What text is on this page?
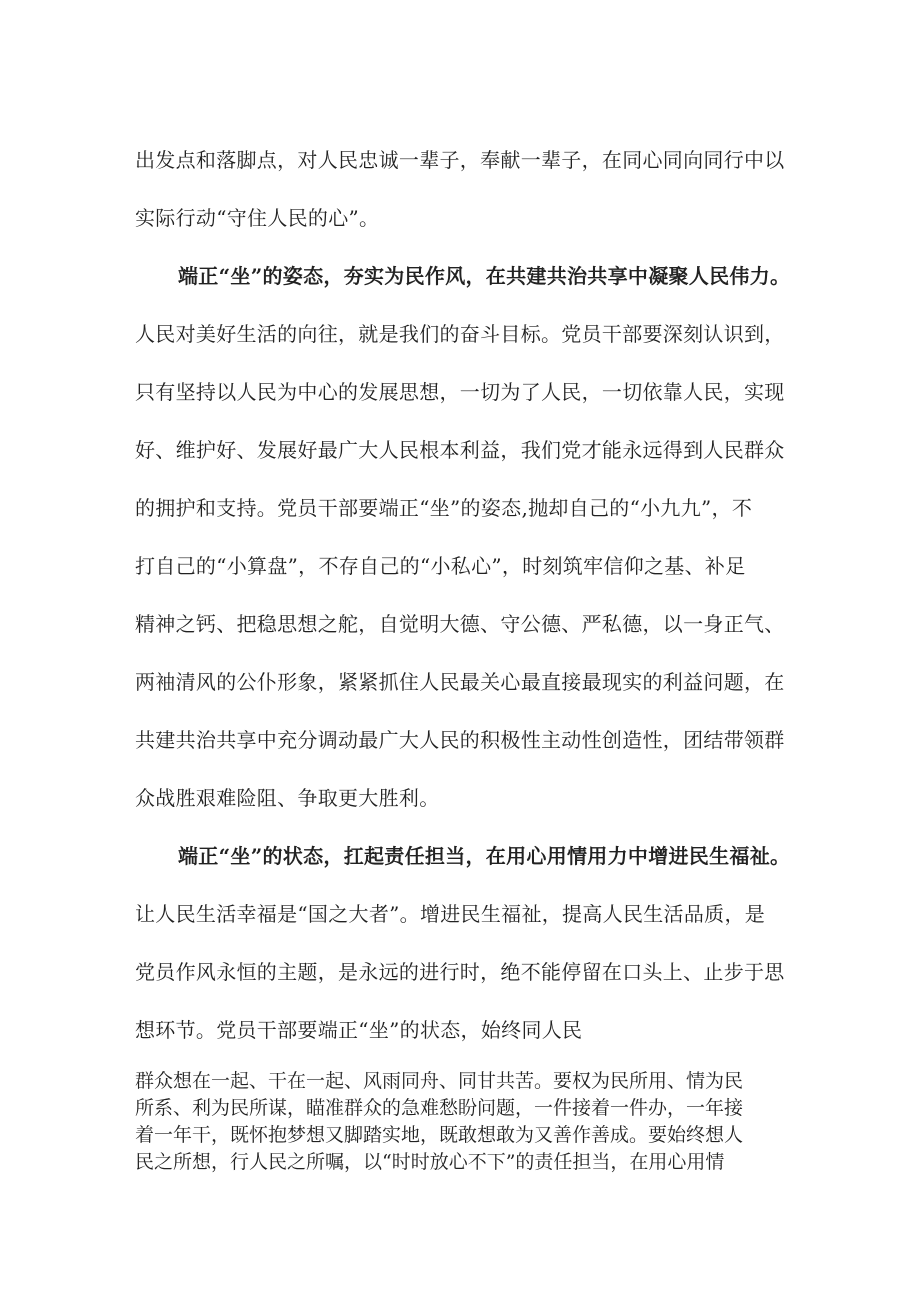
出发点和落脚点，对人民忠诚一辈子，奉献一辈子，在同心同向同行中以
实际行动“守住人民的心”。
端正“坐”的姿态，夯实为民作风，在共建共治共享中凝聚人民伟力。
人民对美好生活的向往，就是我们的奋斗目标。党员干部要深刻认识到，
只有坚持以人民为中心的发展思想，一切为了人民，一切依靠人民，实现
好、维护好、发展好最广大人民根本利益，我们党才能永远得到人民群众
的拥护和支持。党员干部要端正“坐”的姿态,抛却自己的“小九九”，不
打自己的“小算盘”，不存自己的“小私心”，时刻筑牢信仰之基、补足
精神之钙、把稳思想之舵，自觉明大德、守公德、严私德，以一身正气、
两袖清风的公仆形象，紧紧抓住人民最关心最直接最现实的利益问题，在
共建共治共享中充分调动最广大人民的积极性主动性创造性，团结带领群
众战胜艰难险阻、争取更大胜利。
端正“坐”的状态，扛起责任担当，在用心用情用力中增进民生福祉。
让人民生活幸福是“国之大者”。增进民生福祉，提高人民生活品质，是
党员作风永恒的主题，是永远的进行时，绝不能停留在口头上、止步于思
想环节。党员干部要端正“坐”的状态，始终同人民
群众想在一起、干在一起、风雨同舟、同甘共苦。要权为民所用、情为民
所系、利为民所谋，瞄准群众的急难愁盼问题，一件接着一件办，一年接
着一年干，既怀抱梦想又脚踏实地，既敢想敢为又善作善成。要始终想人
民之所想，行人民之所嘱，以“时时放心不下”的责任担当，在用心用情
